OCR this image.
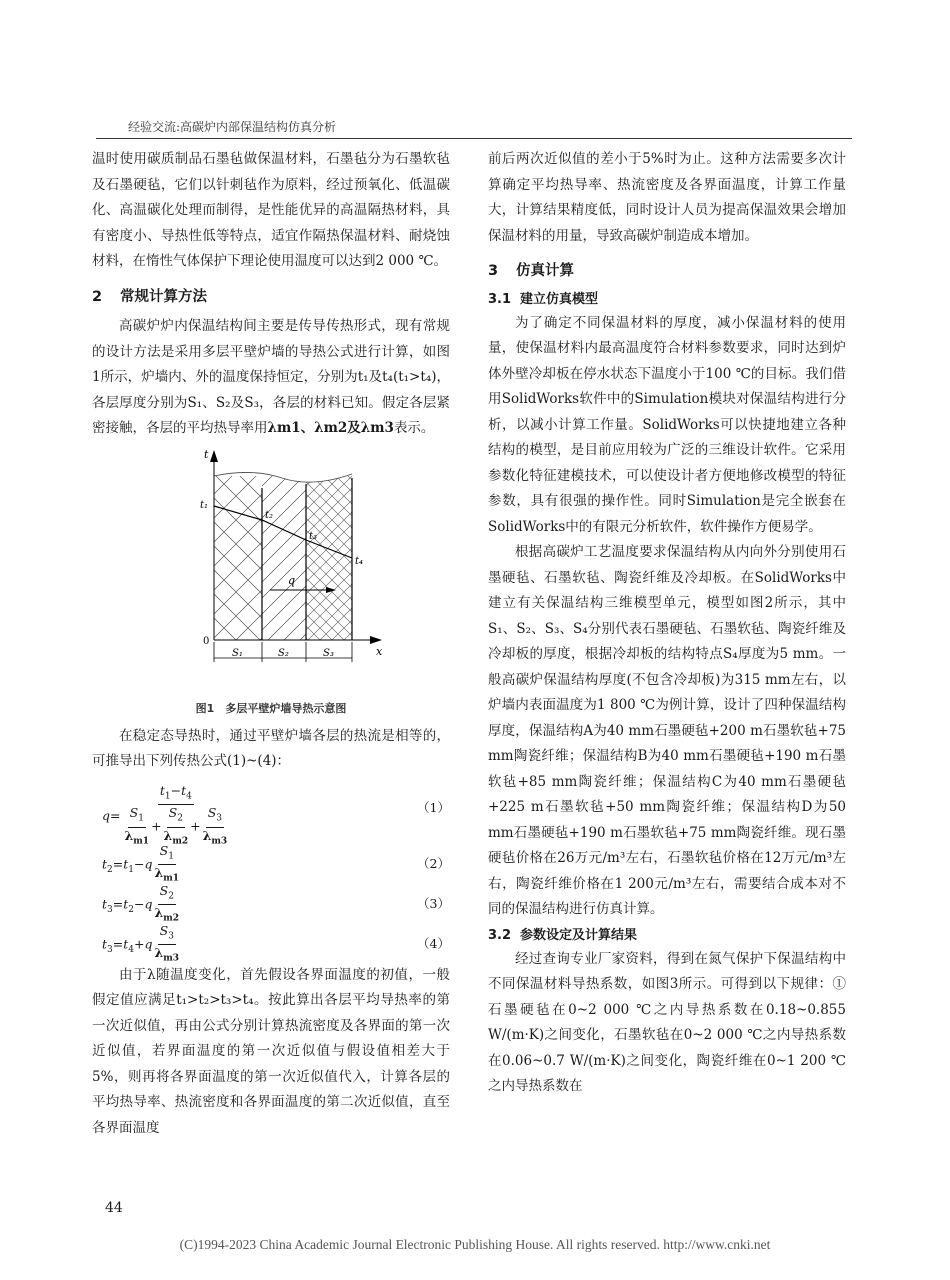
经验交流:高碳炉内部保温结构仿真分析

温时使用碳质制品石墨毡做保温材料，石墨毡分为石墨软毡及石墨硬毡，它们以针刺毡作为原料，经过预氧化、低温碳化、高温碳化处理而制得，是性能优异的高温隔热材料，具有密度小、导热性低等特点，适宜作隔热保温材料、耐烧蚀材料，在惰性气体保护下理论使用温度可以达到2 000 ℃。

2 常规计算方法

高碳炉炉内保温结构间主要是传导传热形式，现有常规的设计方法是采用多层平壁炉墙的导热公式进行计算，如图1所示，炉墙内、外的温度保持恒定，分别为t₁及t₄(t₁>t₄)，各层厚度分别为S₁、S₂及S₃，各层的材料已知。假定各层紧密接触，各层的平均热导率用λm1、λm2及λm3表示。

t
x
0
t₁
t₂
t₃
t₄
q
S₁	S₂	S₃
图1　多层平壁炉墙导热示意图

在稳定态导热时，通过平壁炉墙各层的热流是相等的，可推导出下列传热公式(1)~(4)：

$q= \frac{t_1-t_4}{\frac{S_1}{\lambda_{m1}} + \frac{S_2}{\lambda_{m2}} + \frac{S_3}{\lambda_{m3}}}$	（1）
$t_2=t_1-q \frac{S_1}{\lambda_{m1}}$	（2）
$t_3=t_2-q \frac{S_2}{\lambda_{m2}}$	（3）
$t_3=t_4+q \frac{S_3}{\lambda_{m3}}$	（4）

由于λ随温度变化，首先假设各界面温度的初值，一般假定值应满足t₁>t₂>t₃>t₄。按此算出各层平均导热率的第一次近似值，再由公式分别计算热流密度及各界面的第一次近似值，若界面温度的第一次近似值与假设值相差大于5%，则再将各界面温度的第一次近似值代入，计算各层的平均热导率、热流密度和各界面温度的第二次近似值，直至各界面温度

前后两次近似值的差小于5%时为止。这种方法需要多次计算确定平均热导率、热流密度及各界面温度，计算工作量大，计算结果精度低，同时设计人员为提高保温效果会增加保温材料的用量，导致高碳炉制造成本增加。

3 仿真计算
3.1 建立仿真模型

为了确定不同保温材料的厚度，减小保温材料的使用量，使保温材料内最高温度符合材料参数要求，同时达到炉体外壁冷却板在停水状态下温度小于100 ℃的目标。我们借用SolidWorks软件中的Simulation模块对保温结构进行分析，以减小计算工作量。SolidWorks可以快捷地建立各种结构的模型，是目前应用较为广泛的三维设计软件。它采用参数化特征建模技术，可以使设计者方便地修改模型的特征参数，具有很强的操作性。同时Simulation是完全嵌套在SolidWorks中的有限元分析软件，软件操作方便易学。

根据高碳炉工艺温度要求保温结构从内向外分别使用石墨硬毡、石墨软毡、陶瓷纤维及冷却板。在SolidWorks中建立有关保温结构三维模型单元，模型如图2所示，其中S₁、S₂、S₃、S₄分别代表石墨硬毡、石墨软毡、陶瓷纤维及冷却板的厚度，根据冷却板的结构特点S₄厚度为5 mm。一般高碳炉保温结构厚度(不包含冷却板)为315 mm左右，以炉墙内表面温度为1 800 ℃为例计算，设计了四种保温结构厚度，保温结构A为40 mm石墨硬毡+200 m石墨软毡+75 mm陶瓷纤维；保温结构B为40 mm石墨硬毡+190 m石墨软毡+85 mm陶瓷纤维；保温结构C为40 mm石墨硬毡+225 m石墨软毡+50 mm陶瓷纤维；保温结构D为50 mm石墨硬毡+190 m石墨软毡+75 mm陶瓷纤维。现石墨硬毡价格在26万元/m³左右，石墨软毡价格在12万元/m³左右，陶瓷纤维价格在1 200元/m³左右，需要结合成本对不同的保温结构进行仿真计算。

3.2 参数设定及计算结果

经过查询专业厂家资料，得到在氮气保护下保温结构中不同保温材料导热系数，如图3所示。可得到以下规律：①石墨硬毡在0~2 000 ℃之内导热系数在0.18~0.855 W/(m·K)之间变化，石墨软毡在0~2 000 ℃之内导热系数在0.06~0.7 W/(m·K)之间变化，陶瓷纤维在0~1 200 ℃之内导热系数在

44
(C)1994-2023 China Academic Journal Electronic Publishing House. All rights reserved. http://www.cnki.net
